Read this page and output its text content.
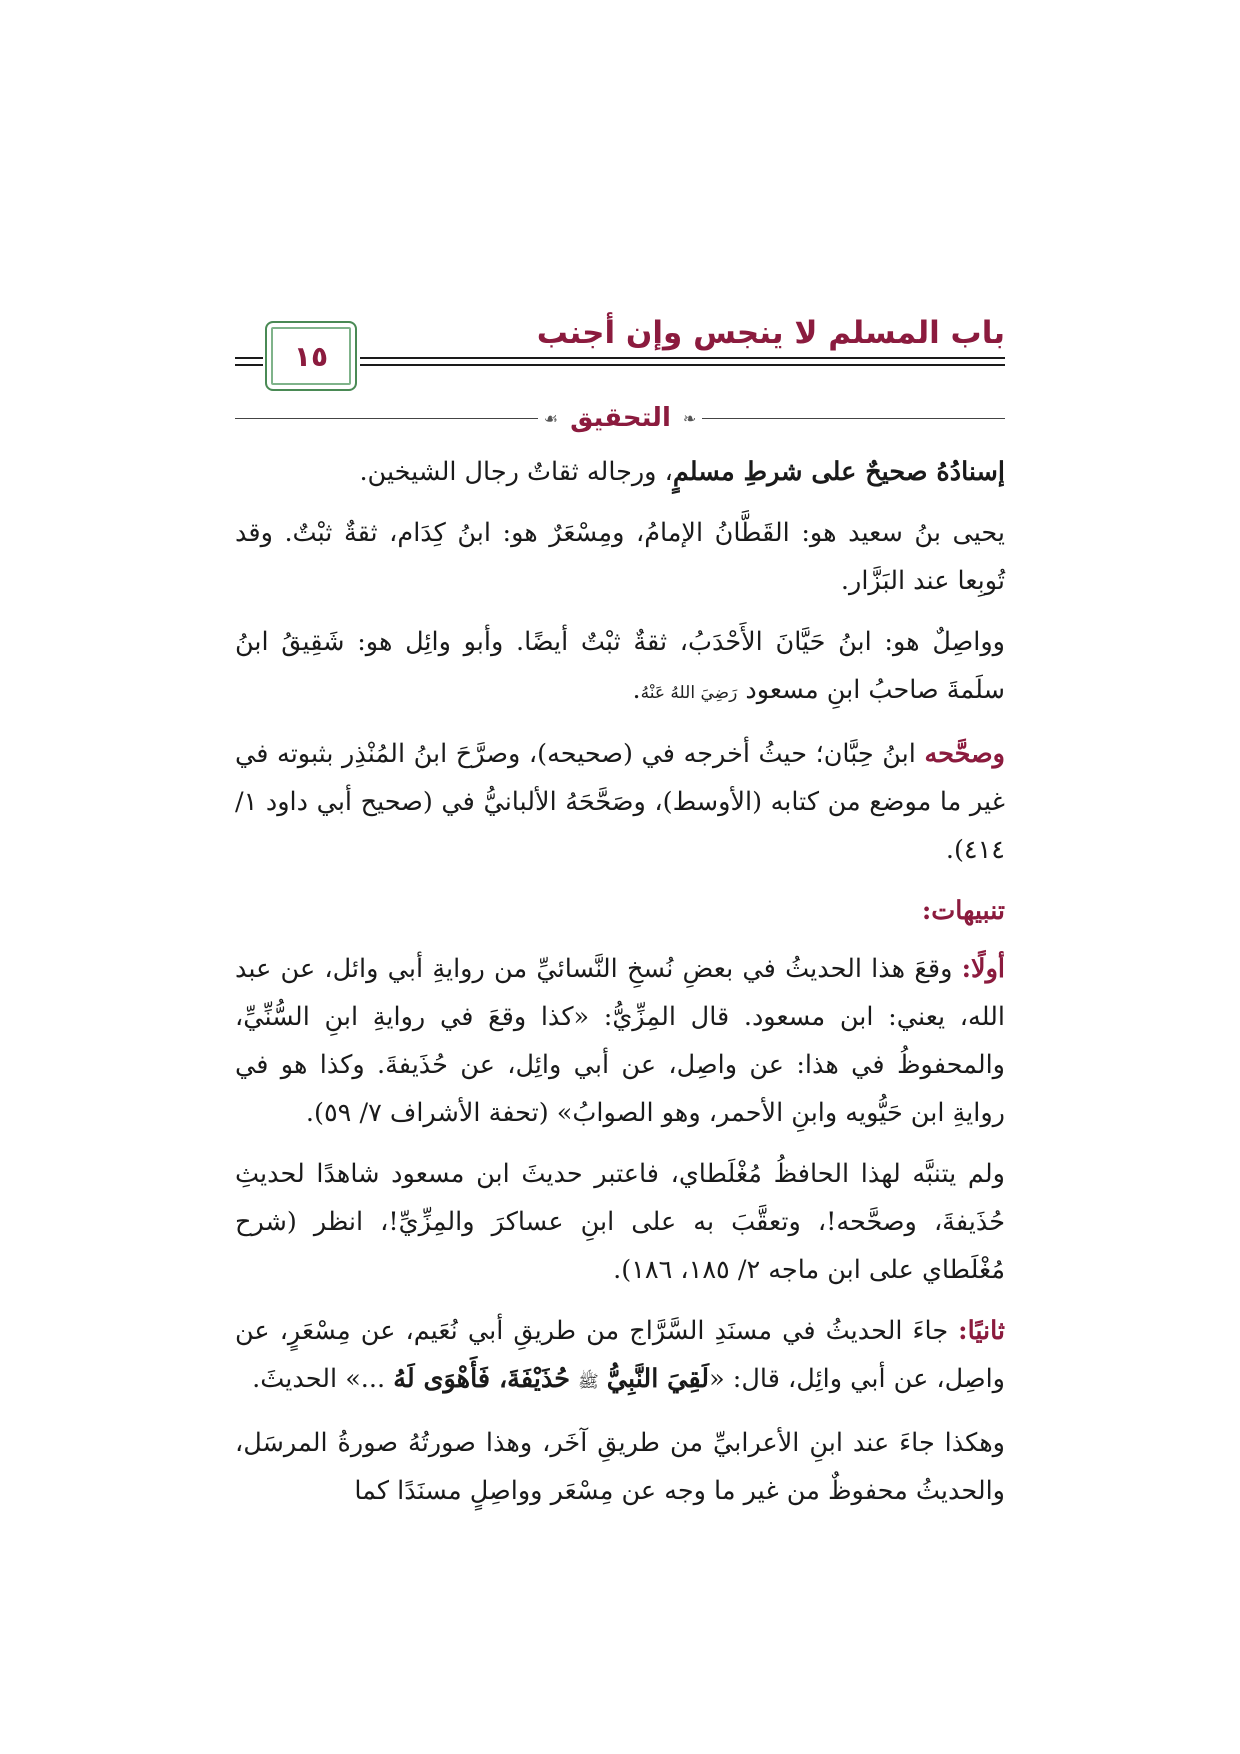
باب المسلم لا ينجس وإن أجنب
١٥
❧
التحقيق
☙

إسنادُهُ صحيحٌ على شرطِ مسلمٍ، ورجاله ثقاتٌ رجال الشيخين.

يحيى بنُ سعيد هو: القَطَّانُ الإمامُ، ومِسْعَرٌ هو: ابنُ كِدَام، ثقةٌ ثبْتٌ. وقد تُوبِعا عند البَزَّار.

وواصِلٌ هو: ابنُ حَيَّانَ الأَحْدَبُ، ثقةٌ ثبْتٌ أيضًا. وأبو وائِل هو: شَقِيقُ ابنُ سلَمةَ صاحبُ ابنِ مسعود رَضِيَ اللهُ عَنْهُ.

وصحَّحه ابنُ حِبَّان؛ حيثُ أخرجه في (صحيحه)، وصرَّحَ ابنُ المُنْذِر بثبوته في غير ما موضع من كتابه (الأوسط)، وصَحَّحَهُ الألبانيُّ في (صحيح أبي داود ١/ ٤١٤).

تنبيهات:

أولًا: وقعَ هذا الحديثُ في بعضِ نُسخِ النَّسائيِّ من روايةِ أبي وائل، عن عبد الله، يعني: ابن مسعود. قال المِزِّيُّ: «كذا وقعَ في روايةِ ابنِ السُّنِّيِّ، والمحفوظُ في هذا: عن واصِل، عن أبي وائِل، عن حُذَيفةَ. وكذا هو في روايةِ ابن حَيُّويه وابنِ الأحمر، وهو الصوابُ» (تحفة الأشراف ٧/ ٥٩).

ولم يتنبَّه لهذا الحافظُ مُغْلَطاي، فاعتبر حديثَ ابن مسعود شاهدًا لحديثِ حُذَيفةَ، وصحَّحه!، وتعقَّبَ به على ابنِ عساكرَ والمِزِّيِّ!، انظر (شرح مُغْلَطاي على ابن ماجه ٢/ ١٨٥، ١٨٦).

ثانيًا: جاءَ الحديثُ في مسنَدِ السَّرَّاج من طريقِ أبي نُعَيم، عن مِسْعَرٍ، عن واصِل، عن أبي وائِل، قال: «لَقِيَ النَّبِيُّ ﷺ حُذَيْفَةَ، فَأَهْوَى لَهُ ...» الحديثَ.

وهكذا جاءَ عند ابنِ الأعرابيِّ من طريقِ آخَر، وهذا صورتُهُ صورةُ المرسَل، والحديثُ محفوظٌ من غير ما وجه عن مِسْعَر وواصِلٍ مسنَدًا كما
